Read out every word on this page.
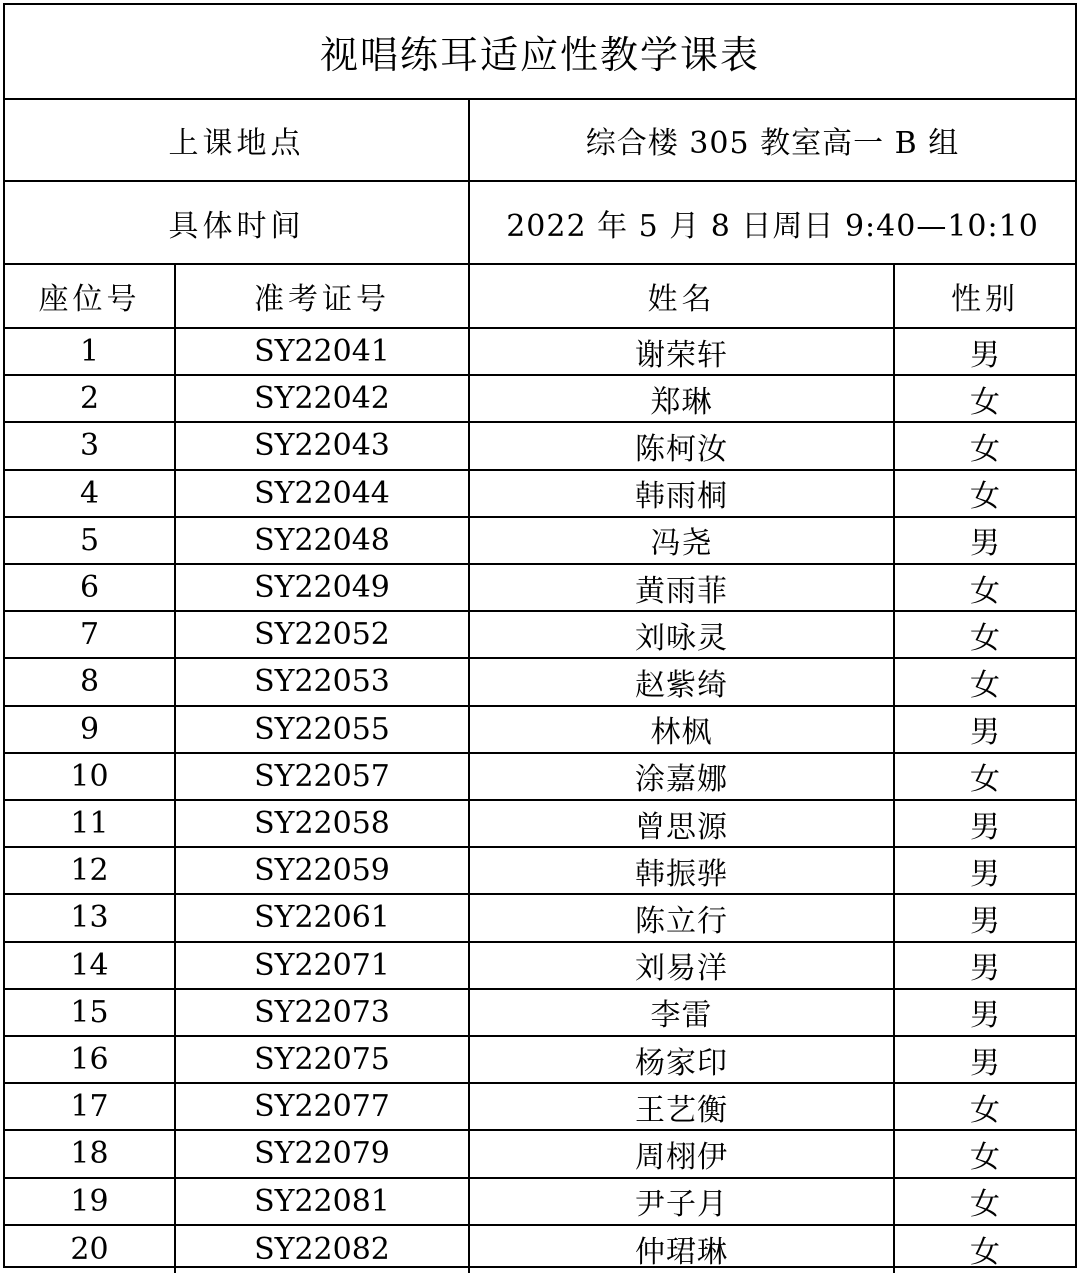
视唱练耳适应性教学课表
上课地点	综合楼 305 教室高一 B 组
具体时间	2022 年 5 月 8 日周日 9:40—10:10
座位号	准考证号	姓名	性别
1	SY22041	谢荣轩	男
2	SY22042	郑琳	女
3	SY22043	陈柯汝	女
4	SY22044	韩雨桐	女
5	SY22048	冯尧	男
6	SY22049	黄雨菲	女
7	SY22052	刘咏灵	女
8	SY22053	赵紫绮	女
9	SY22055	林枫	男
10	SY22057	涂嘉娜	女
11	SY22058	曾思源	男
12	SY22059	韩振骅	男
13	SY22061	陈立行	男
14	SY22071	刘易洋	男
15	SY22073	李雷	男
16	SY22075	杨家印	男
17	SY22077	王艺衡	女
18	SY22079	周栩伊	女
19	SY22081	尹子月	女
20	SY22082	仲珺琳	女
